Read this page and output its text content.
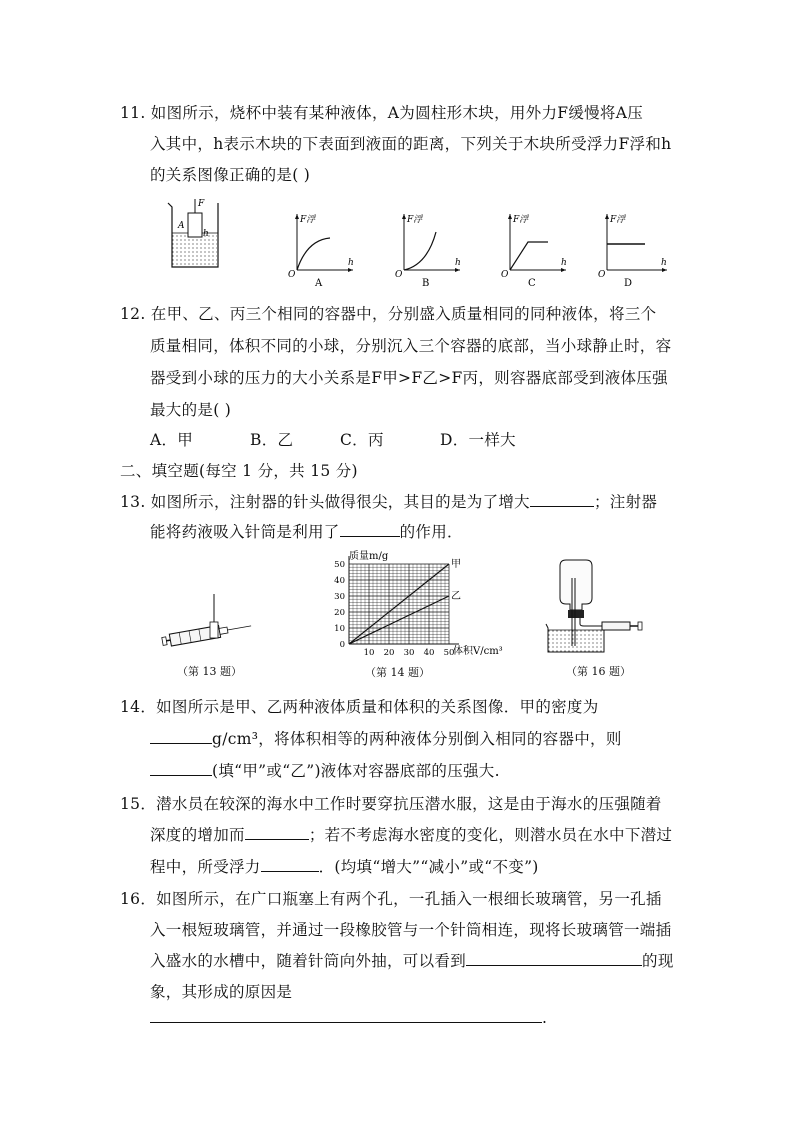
11. 如图所示，烧杯中装有某种液体，A为圆柱形木块，用外力F缓慢将A压
入其中，h表示木块的下表面到液面的距离，下列关于木块所受浮力F浮和h
的关系图像正确的是( )
F
A
h
F浮
h
O
A
F浮
h
O
B
F浮
h
O
C
F浮
h
O
D
12. 在甲、乙、丙三个相同的容器中，分别盛入质量相同的同种液体，将三个
质量相同，体积不同的小球，分别沉入三个容器的底部，当小球静止时，容
器受到小球的压力的大小关系是F甲>F乙>F丙，则容器底部受到液体压强
最大的是( )
A．甲	B．乙	C．丙	D．一样大
二、填空题(每空 1 分，共 15 分)
13. 如图所示，注射器的针头做得很尖，其目的是为了增大	；注射器
能将药液吸入针筒是利用了	的作用．
（第 13 题）
质量m/g
体积V/cm³
0
10
20
30
40
50
10 20 30 40 50
甲
乙
（第 14 题）	（第 16 题）
14．如图所示是甲、乙两种液体质量和体积的关系图像．甲的密度为
g/cm³，将体积相等的两种液体分别倒入相同的容器中，则
(填“甲”或“乙”)液体对容器底部的压强大.
15．潜水员在较深的海水中工作时要穿抗压潜水服，这是由于海水的压强随着
深度的增加而	；若不考虑海水密度的变化，则潜水员在水中下潜过
程中，所受浮力	．(均填“增大”“减小”或“不变”)
16．如图所示，在广口瓶塞上有两个孔，一孔插入一根细长玻璃管，另一孔插
入一根短玻璃管，并通过一段橡胶管与一个针筒相连，现将长玻璃管一端插
入盛水的水槽中，随着针筒向外抽，可以看到	的现
象，其形成的原因是
.
